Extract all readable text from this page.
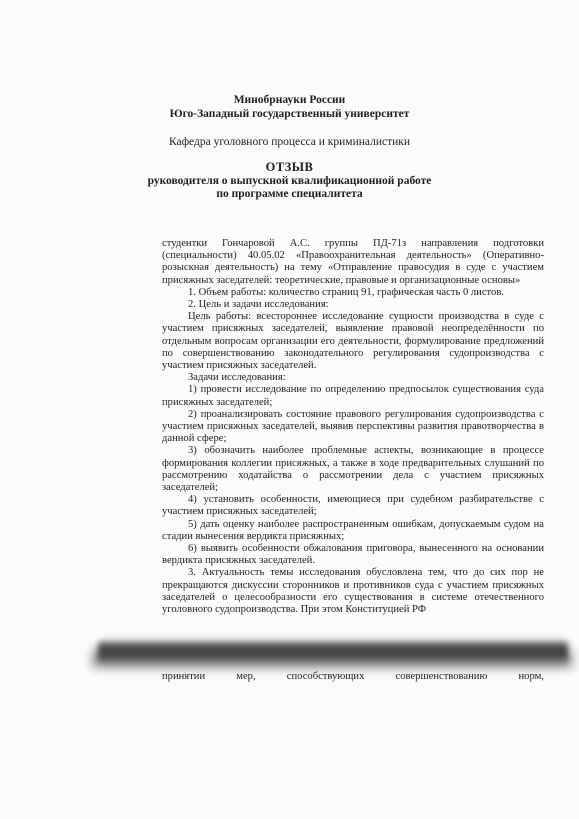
Минобрнауки России
Юго-Западный государственный университет
Кафедра уголовного процесса и криминалистики
ОТЗЫВ
руководителя о выпускной квалификационной работе
по программе специалитета

студентки Гончаровой А.С. группы ПД-71з направления подготовки (специальности) 40.05.02 «Правоохранительная деятельность» (Оперативно-розыскная деятельность) на тему «Отправление правосудия в суде с участием присяжных заседателей: теоретические, правовые и организационные основы»

1. Объем работы: количество страниц 91, графическая часть 0 листов.

2. Цель и задачи исследования:

Цель работы: всестороннее исследование сущности производства в суде с участием присяжных заседателей, выявление правовой неопределённости по отдельным вопросам организации его деятельности, формулирование предложений по совершенствованию законодательного регулирования судопроизводства с участием присяжных заседателей.

Задачи исследования:

1) провести исследование по определению предпосылок существования суда присяжных заседателей;

2) проанализировать состояние правового регулирования судопроизводства с участием присяжных заседателей, выявив перспективы развития правотворчества в данной сфере;

3) обозначить наиболее проблемные аспекты, возникающие в процессе формирования коллегии присяжных, а также в ходе предварительных слушаний по рассмотрению ходатайства о рассмотрении дела с участием присяжных заседателей;

4) установить особенности, имеющиеся при судебном разбирательстве с участием присяжных заседателей;

5) дать оценку наиболее распространенным ошибкам, допускаемым судом на стадии вынесения вердикта присяжных;

6) выявить особенности обжалования приговора, вынесенного на основании вердикта присяжных заседателей.

3. Актуальность темы исследования обусловлена тем, что до сих пор не прекращаются дискуссии сторонников и противников суда с участием присяжных заседателей о целесообразности его существования в системе отечественного уголовного судопроизводства. При этом Конституцией РФ

принятии	мер,	способствующих	совершенствованию	норм,
